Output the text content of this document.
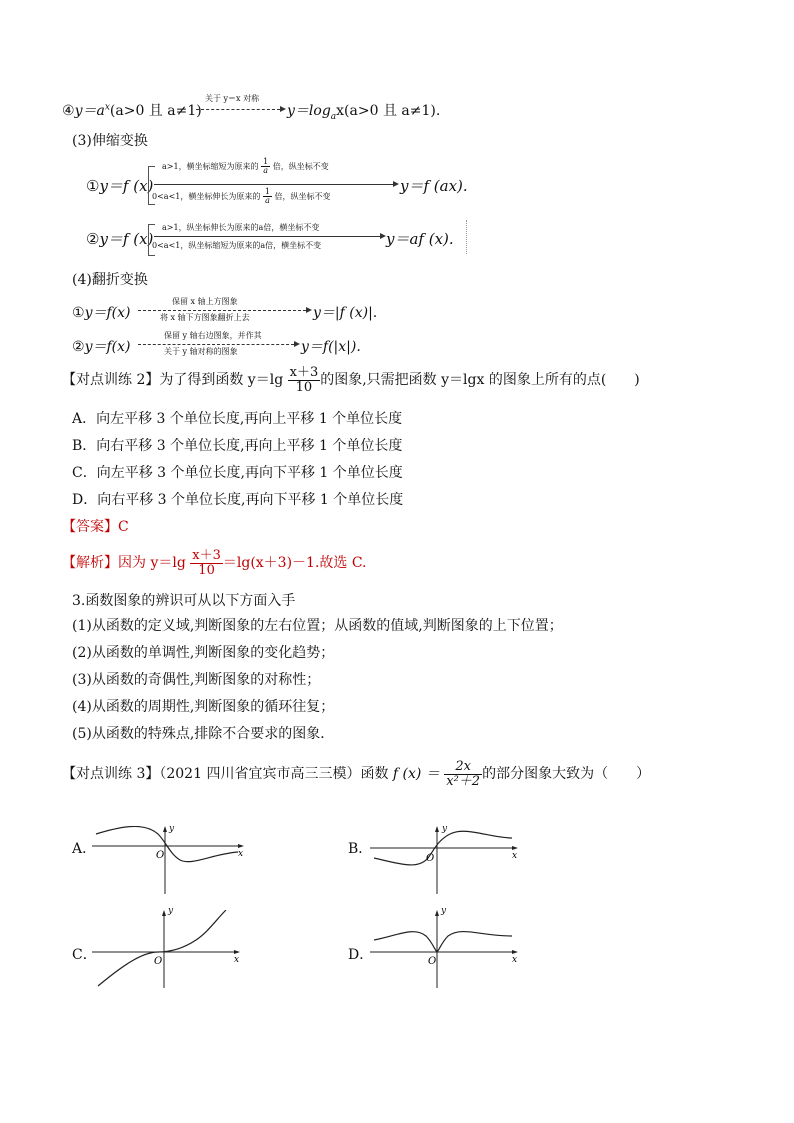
$④y=a^x(a>0$ 且 a≠1)
关于 y＝x 对称
$y=\log_ax(a>0$ 且 a≠1).
(3)伸缩变换
①y＝f (x)
a>1，横坐标缩短为原来的 $\frac{1}{a}$ 倍，纵坐标不变
0<a<1，横坐标伸长为原来的 $\frac{1}{a}$ 倍，纵坐标不变
y＝f (ax).
②y＝f (x)
a>1，纵坐标伸长为原来的a倍，横坐标不变
0<a<1，纵坐标缩短为原来的a倍，横坐标不变	y＝af (x).
(4)翻折变换
①y＝f(x)
保留 x 轴上方图象
将 x 轴下方图象翻折上去	y＝|f (x)|.
②y＝f(x)
保留 y 轴右边图象，并作其
关于 y 轴对称的图象	y＝f(|x|).
【对点训练 2】为了得到函数 $y=\lg \frac{x+3}{10}$ 的图象,只需把函数 y＝lgx 的图象上所有的点(　　)
A．向左平移 3 个单位长度,再向上平移 1 个单位长度
B．向右平移 3 个单位长度,再向上平移 1 个单位长度
C．向左平移 3 个单位长度,再向下平移 1 个单位长度
D．向右平移 3 个单位长度,再向下平移 1 个单位长度
【答案】C
【解析】因为 $y=\lg \frac{x+3}{10} =\lg(x+3)-1$.故选 C.
3.函数图象的辨识可从以下方面入手
(1)从函数的定义域,判断图象的左右位置；从函数的值域,判断图象的上下位置；
(2)从函数的单调性,判断图象的变化趋势；
(3)从函数的奇偶性,判断图象的对称性；
(4)从函数的周期性,判断图象的循环往复；
(5)从函数的特殊点,排除不合要求的图象．
【对点训练 3】（2021 四川省宜宾市高三三模）函数 f $(x) = \frac{2x}{\text{x²＋2}}$ 的部分图象大致为（　　）
A．	O	x
y
B．
O	x
y
C．	O	x
y
D．	O	x
y
